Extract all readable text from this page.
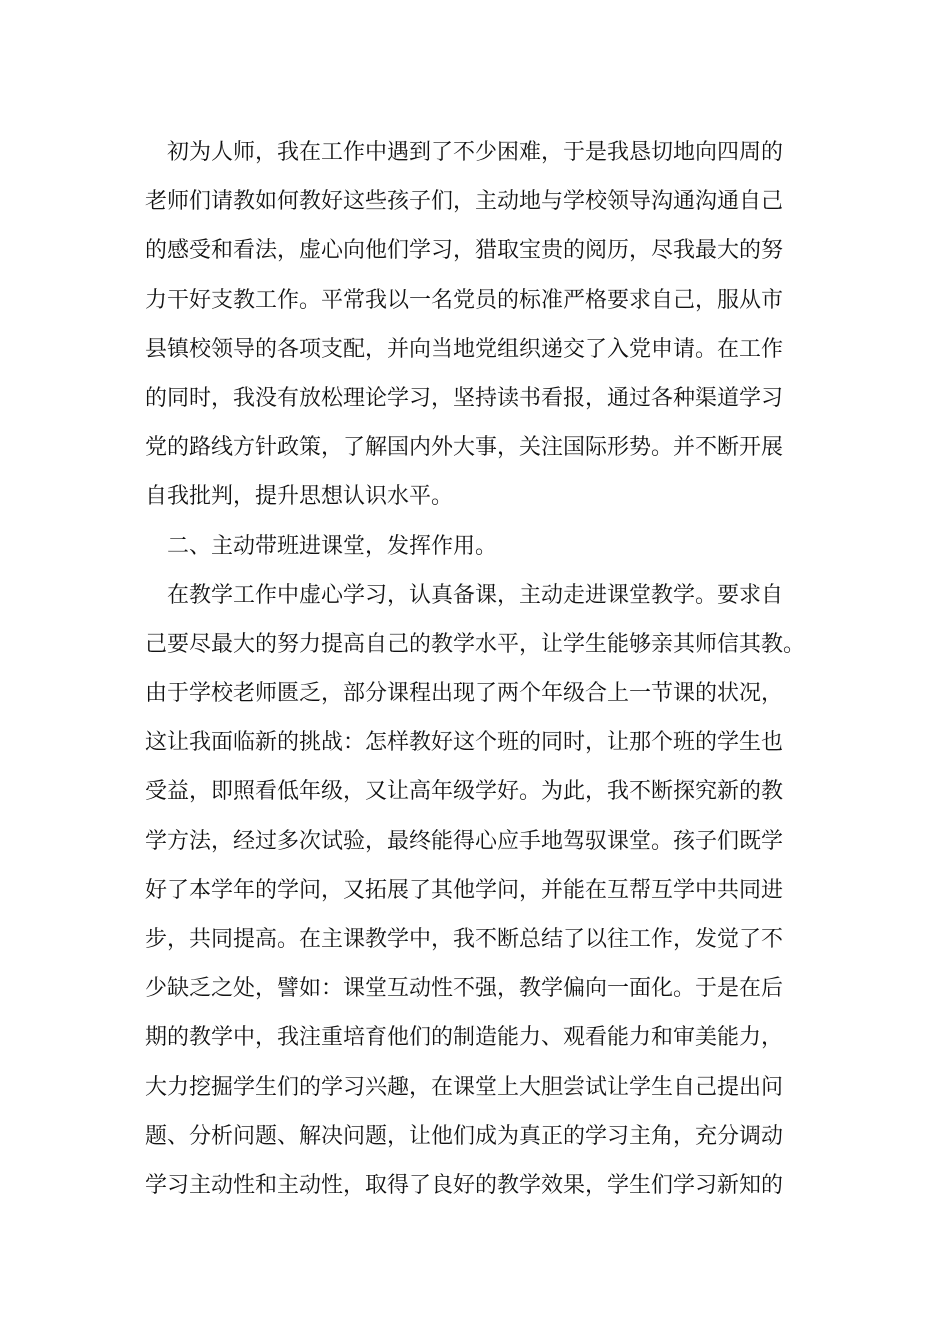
初为人师，我在工作中遇到了不少困难，于是我恳切地向四周的
老师们请教如何教好这些孩子们，主动地与学校领导沟通沟通自己
的感受和看法，虚心向他们学习，猎取宝贵的阅历，尽我最大的努
力干好支教工作。平常我以一名党员的标准严格要求自己，服从市
县镇校领导的各项支配，并向当地党组织递交了入党申请。在工作
的同时，我没有放松理论学习，坚持读书看报，通过各种渠道学习
党的路线方针政策，了解国内外大事，关注国际形势。并不断开展
自我批判，提升思想认识水平。
二、主动带班进课堂，发挥作用。
在教学工作中虚心学习，认真备课，主动走进课堂教学。要求自
己要尽最大的努力提高自己的教学水平，让学生能够亲其师信其教。
由于学校老师匮乏，部分课程出现了两个年级合上一节课的状况，
这让我面临新的挑战：怎样教好这个班的同时，让那个班的学生也
受益，即照看低年级，又让高年级学好。为此，我不断探究新的教
学方法，经过多次试验，最终能得心应手地驾驭课堂。孩子们既学
好了本学年的学问，又拓展了其他学问，并能在互帮互学中共同进
步，共同提高。在主课教学中，我不断总结了以往工作，发觉了不
少缺乏之处，譬如：课堂互动性不强，教学偏向一面化。于是在后
期的教学中，我注重培育他们的制造能力、观看能力和审美能力，
大力挖掘学生们的学习兴趣，在课堂上大胆尝试让学生自己提出问
题、分析问题、解决问题，让他们成为真正的学习主角，充分调动
学习主动性和主动性，取得了良好的教学效果，学生们学习新知的
